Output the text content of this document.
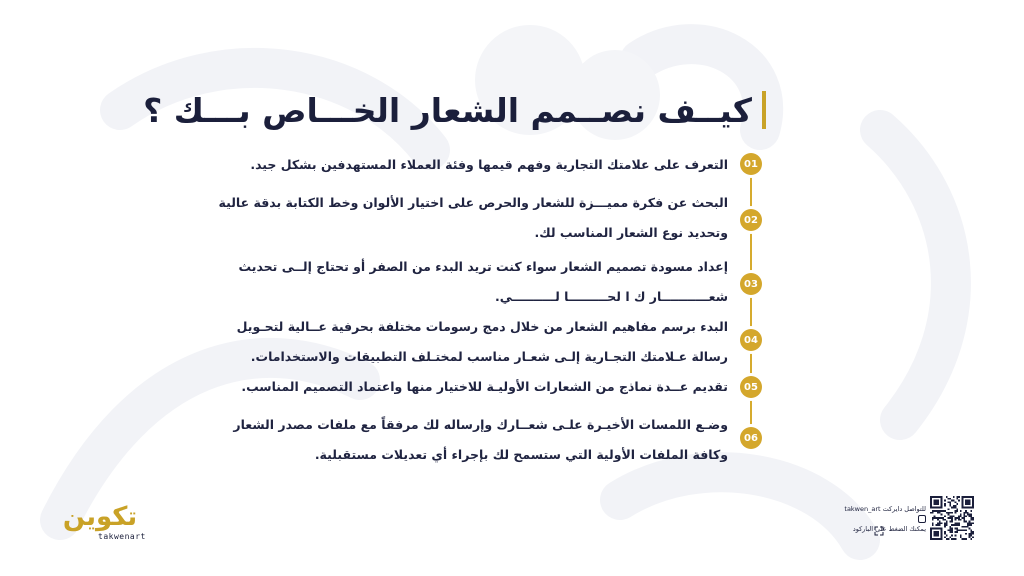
كيــف نصــمم الشعار الخـــاص بـــك ؟
01
02
03
04
05
06

التعرف على علامتك التجارية وفهم قيمها وفئة العملاء المستهدفين بشكل جيد.

البحث عن فكرة مميـــزة للشعار والحرص على اختيار الألوان وخط الكتابة بدقة عالية

وتحديد نوع الشعار المناسب لك.

إعداد مسودة تصميم الشعار سواء كنت تريد البدء من الصفر أو تحتاج إلــى تحديث

شعـــــــــــار ك ا لحـــــــــا لــــــــــي.

البدء برسم مفاهيم الشعار من خلال دمج رسومات مختلفة بحرفية عــالية لتحـويل

رسالة عـلامتك التجـارية إلـى شعـار مناسب لمختـلف التطبيقات والاستخدامات.

تقديم عــدة نماذج من الشعارات الأوليـة للاختيار منها واعتماد التصميم المناسب.

وضـع اللمسات الأخيـرة علـى شعــارك وإرساله لك مرفقاً مع ملفات مصدر الشعار

وكافة الملفات الأولية التي ستسمح لك بإجراء أي تعديلات مستقبلية.

تكوين
takwenart
للتواصل دايركت takwen_art
يمكنك الضغط على الباركود
